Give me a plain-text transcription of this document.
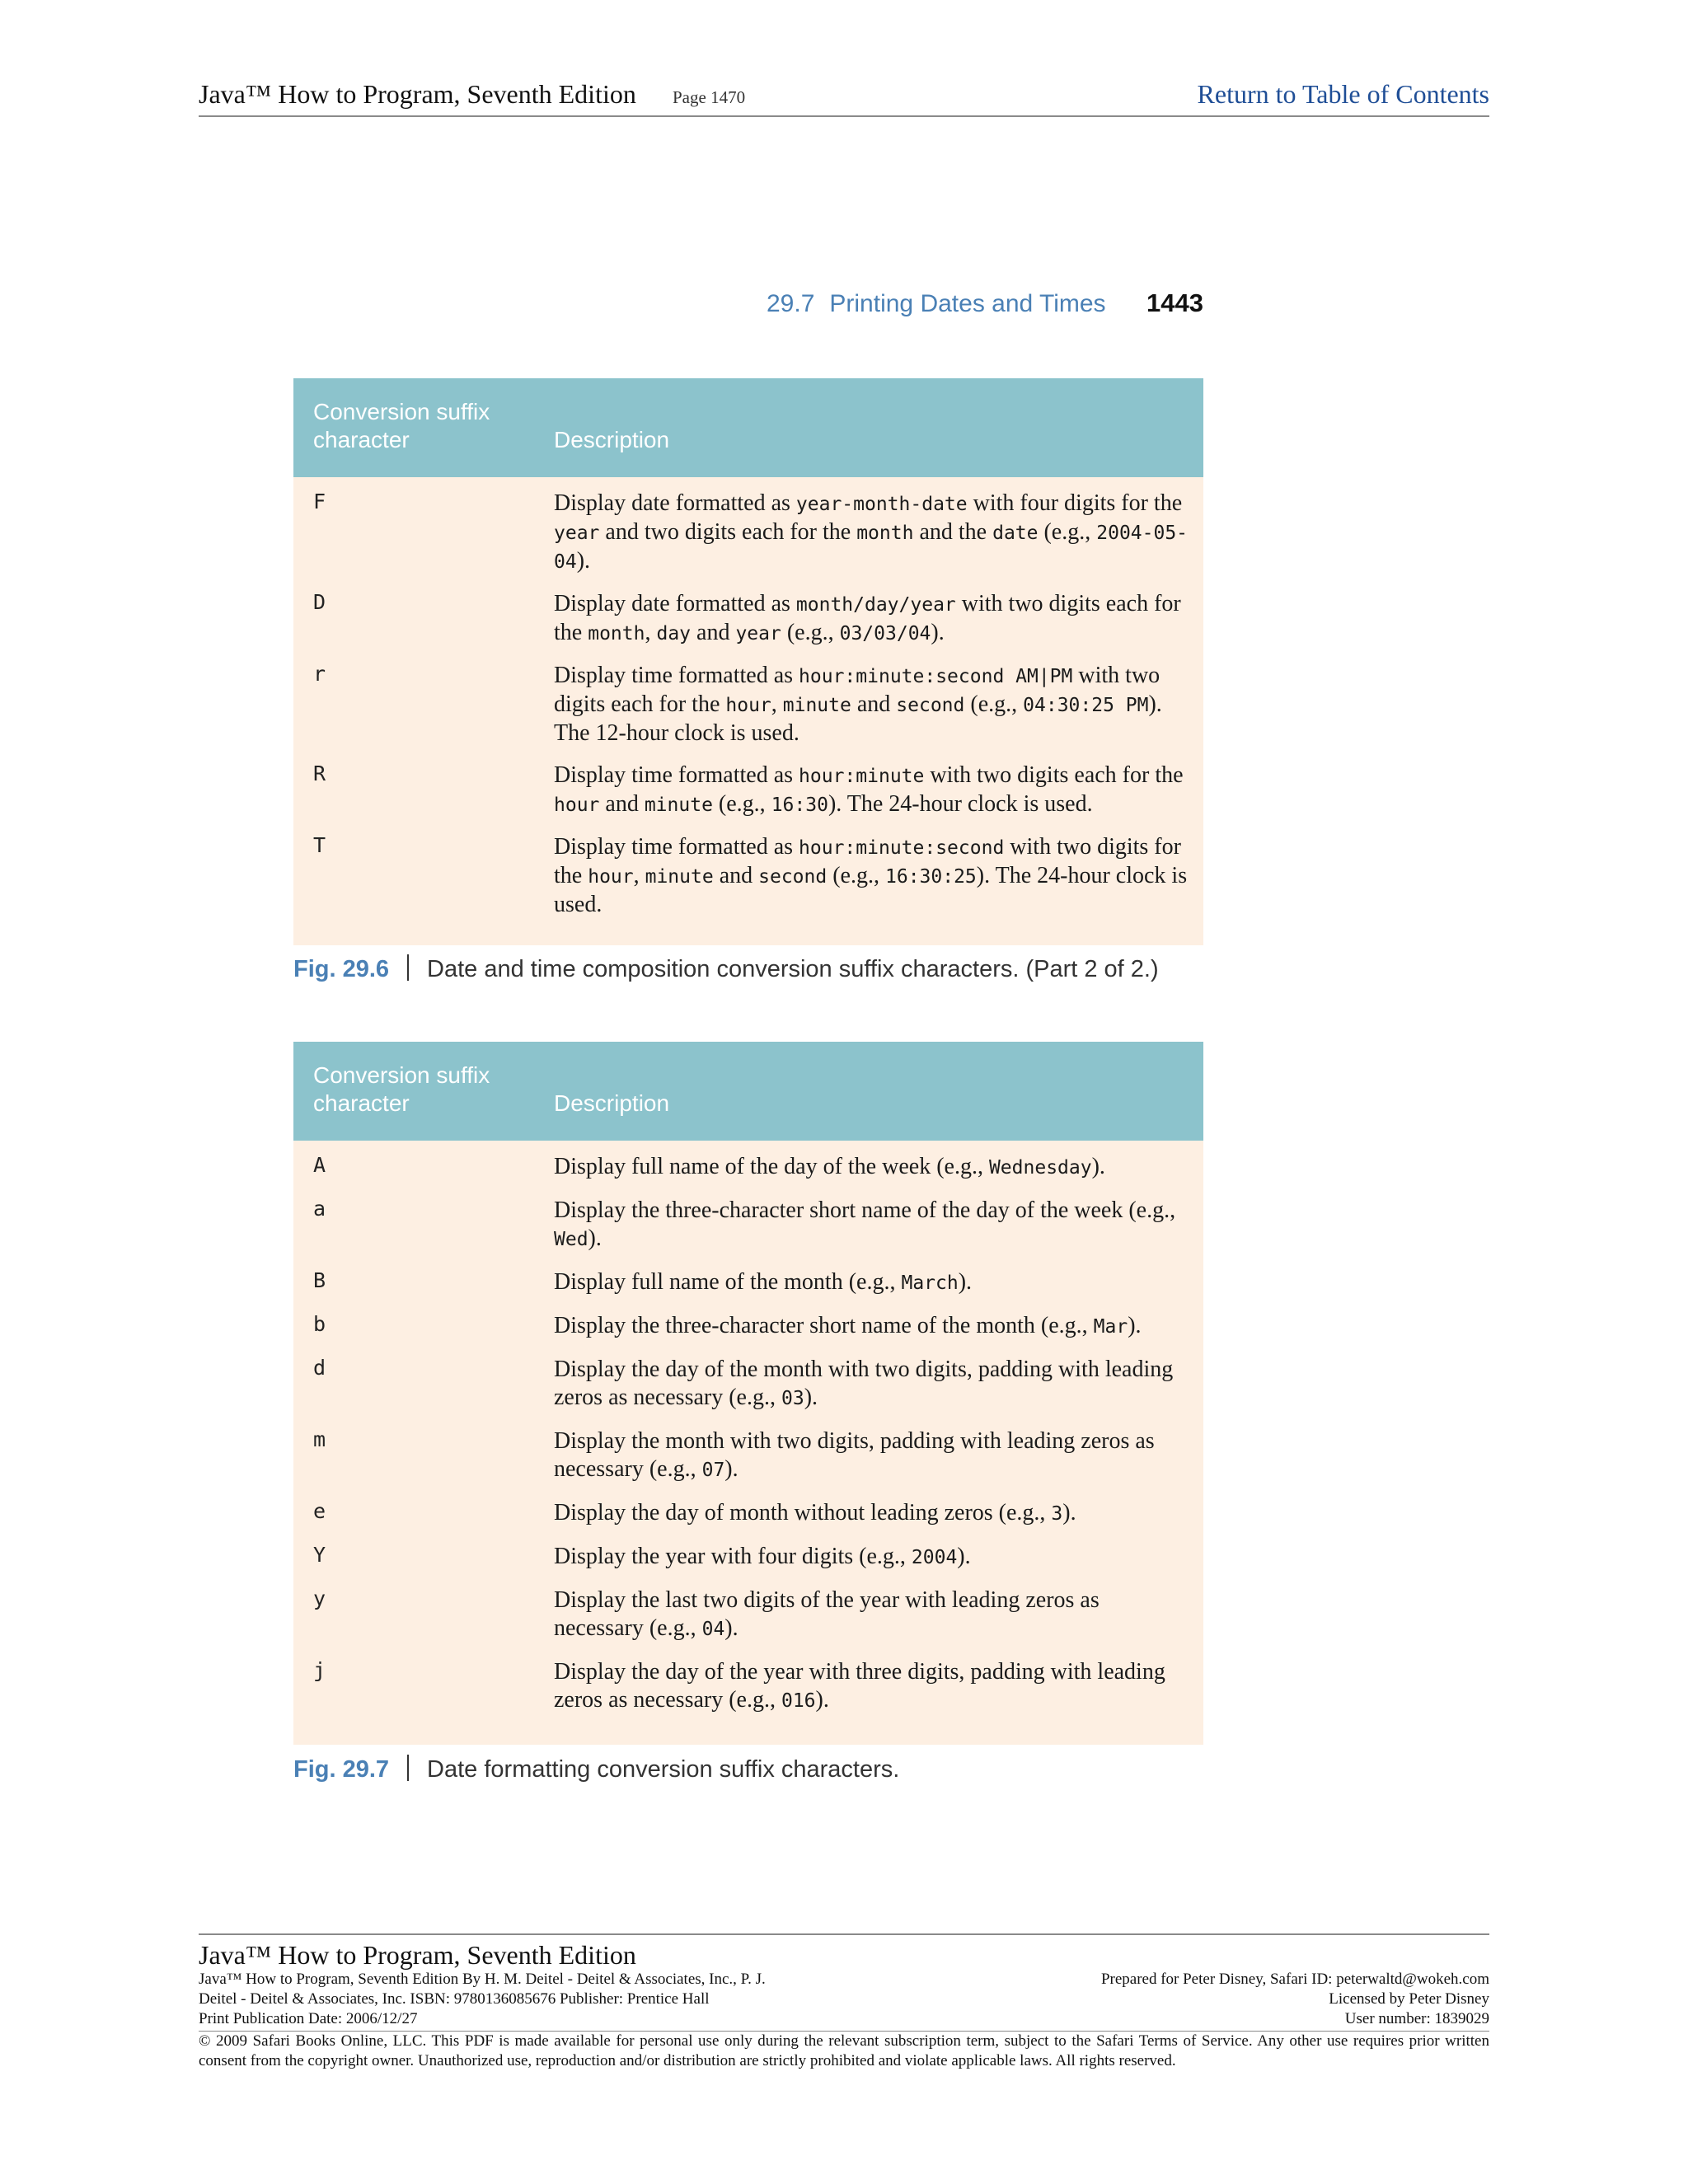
Java™ How to Program, Seventh Edition Page 1470	Return to Table of Contents
29.7 Printing Dates and Times 1443
Conversion suffix character	Description
F	Display date formatted as year-month-date with four digits for the year and two digits each for the month and the date (e.g., 2004-05-04).
D	Display date formatted as month/day/year with two digits each for the month, day and year (e.g., 03/03/04).
r	Display time formatted as hour:minute:second AM|PM with two digits each for the hour, minute and second (e.g., 04:30:25 PM). The 12-hour clock is used.
R	Display time formatted as hour:minute with two digits each for the hour and minute (e.g., 16:30). The 24-hour clock is used.
T	Display time formatted as hour:minute:second with two digits for the hour, minute and second (e.g., 16:30:25). The 24-hour clock is used.
Fig. 29.6 Date and time composition conversion suffix characters. (Part 2 of 2.)
Conversion suffix character	Description
A	Display full name of the day of the week (e.g., Wednesday).
a	Display the three-character short name of the day of the week (e.g., Wed).
B	Display full name of the month (e.g., March).
b	Display the three-character short name of the month (e.g., Mar).
d	Display the day of the month with two digits, padding with leading zeros as necessary (e.g., 03).
m	Display the month with two digits, padding with leading zeros as necessary (e.g., 07).
e	Display the day of month without leading zeros (e.g., 3).
Y	Display the year with four digits (e.g., 2004).
y	Display the last two digits of the year with leading zeros as necessary (e.g., 04).
j	Display the day of the year with three digits, padding with leading zeros as necessary (e.g., 016).
Fig. 29.7 Date formatting conversion suffix characters.
Java™ How to Program, Seventh Edition
Java™ How to Program, Seventh Edition By H. M. Deitel - Deitel & Associates, Inc., P. J.
Deitel - Deitel & Associates, Inc. ISBN: 9780136085676 Publisher: Prentice Hall
Print Publication Date: 2006/12/27
Prepared for Peter Disney, Safari ID: peterwaltd@wokeh.com
Licensed by Peter Disney
User number: 1839029
© 2009 Safari Books Online, LLC. This PDF is made available for personal use only during the relevant subscription term, subject to the Safari Terms of Service. Any other use requires prior written consent from the copyright owner. Unauthorized use, reproduction and/or distribution are strictly prohibited and violate applicable laws. All rights reserved.
